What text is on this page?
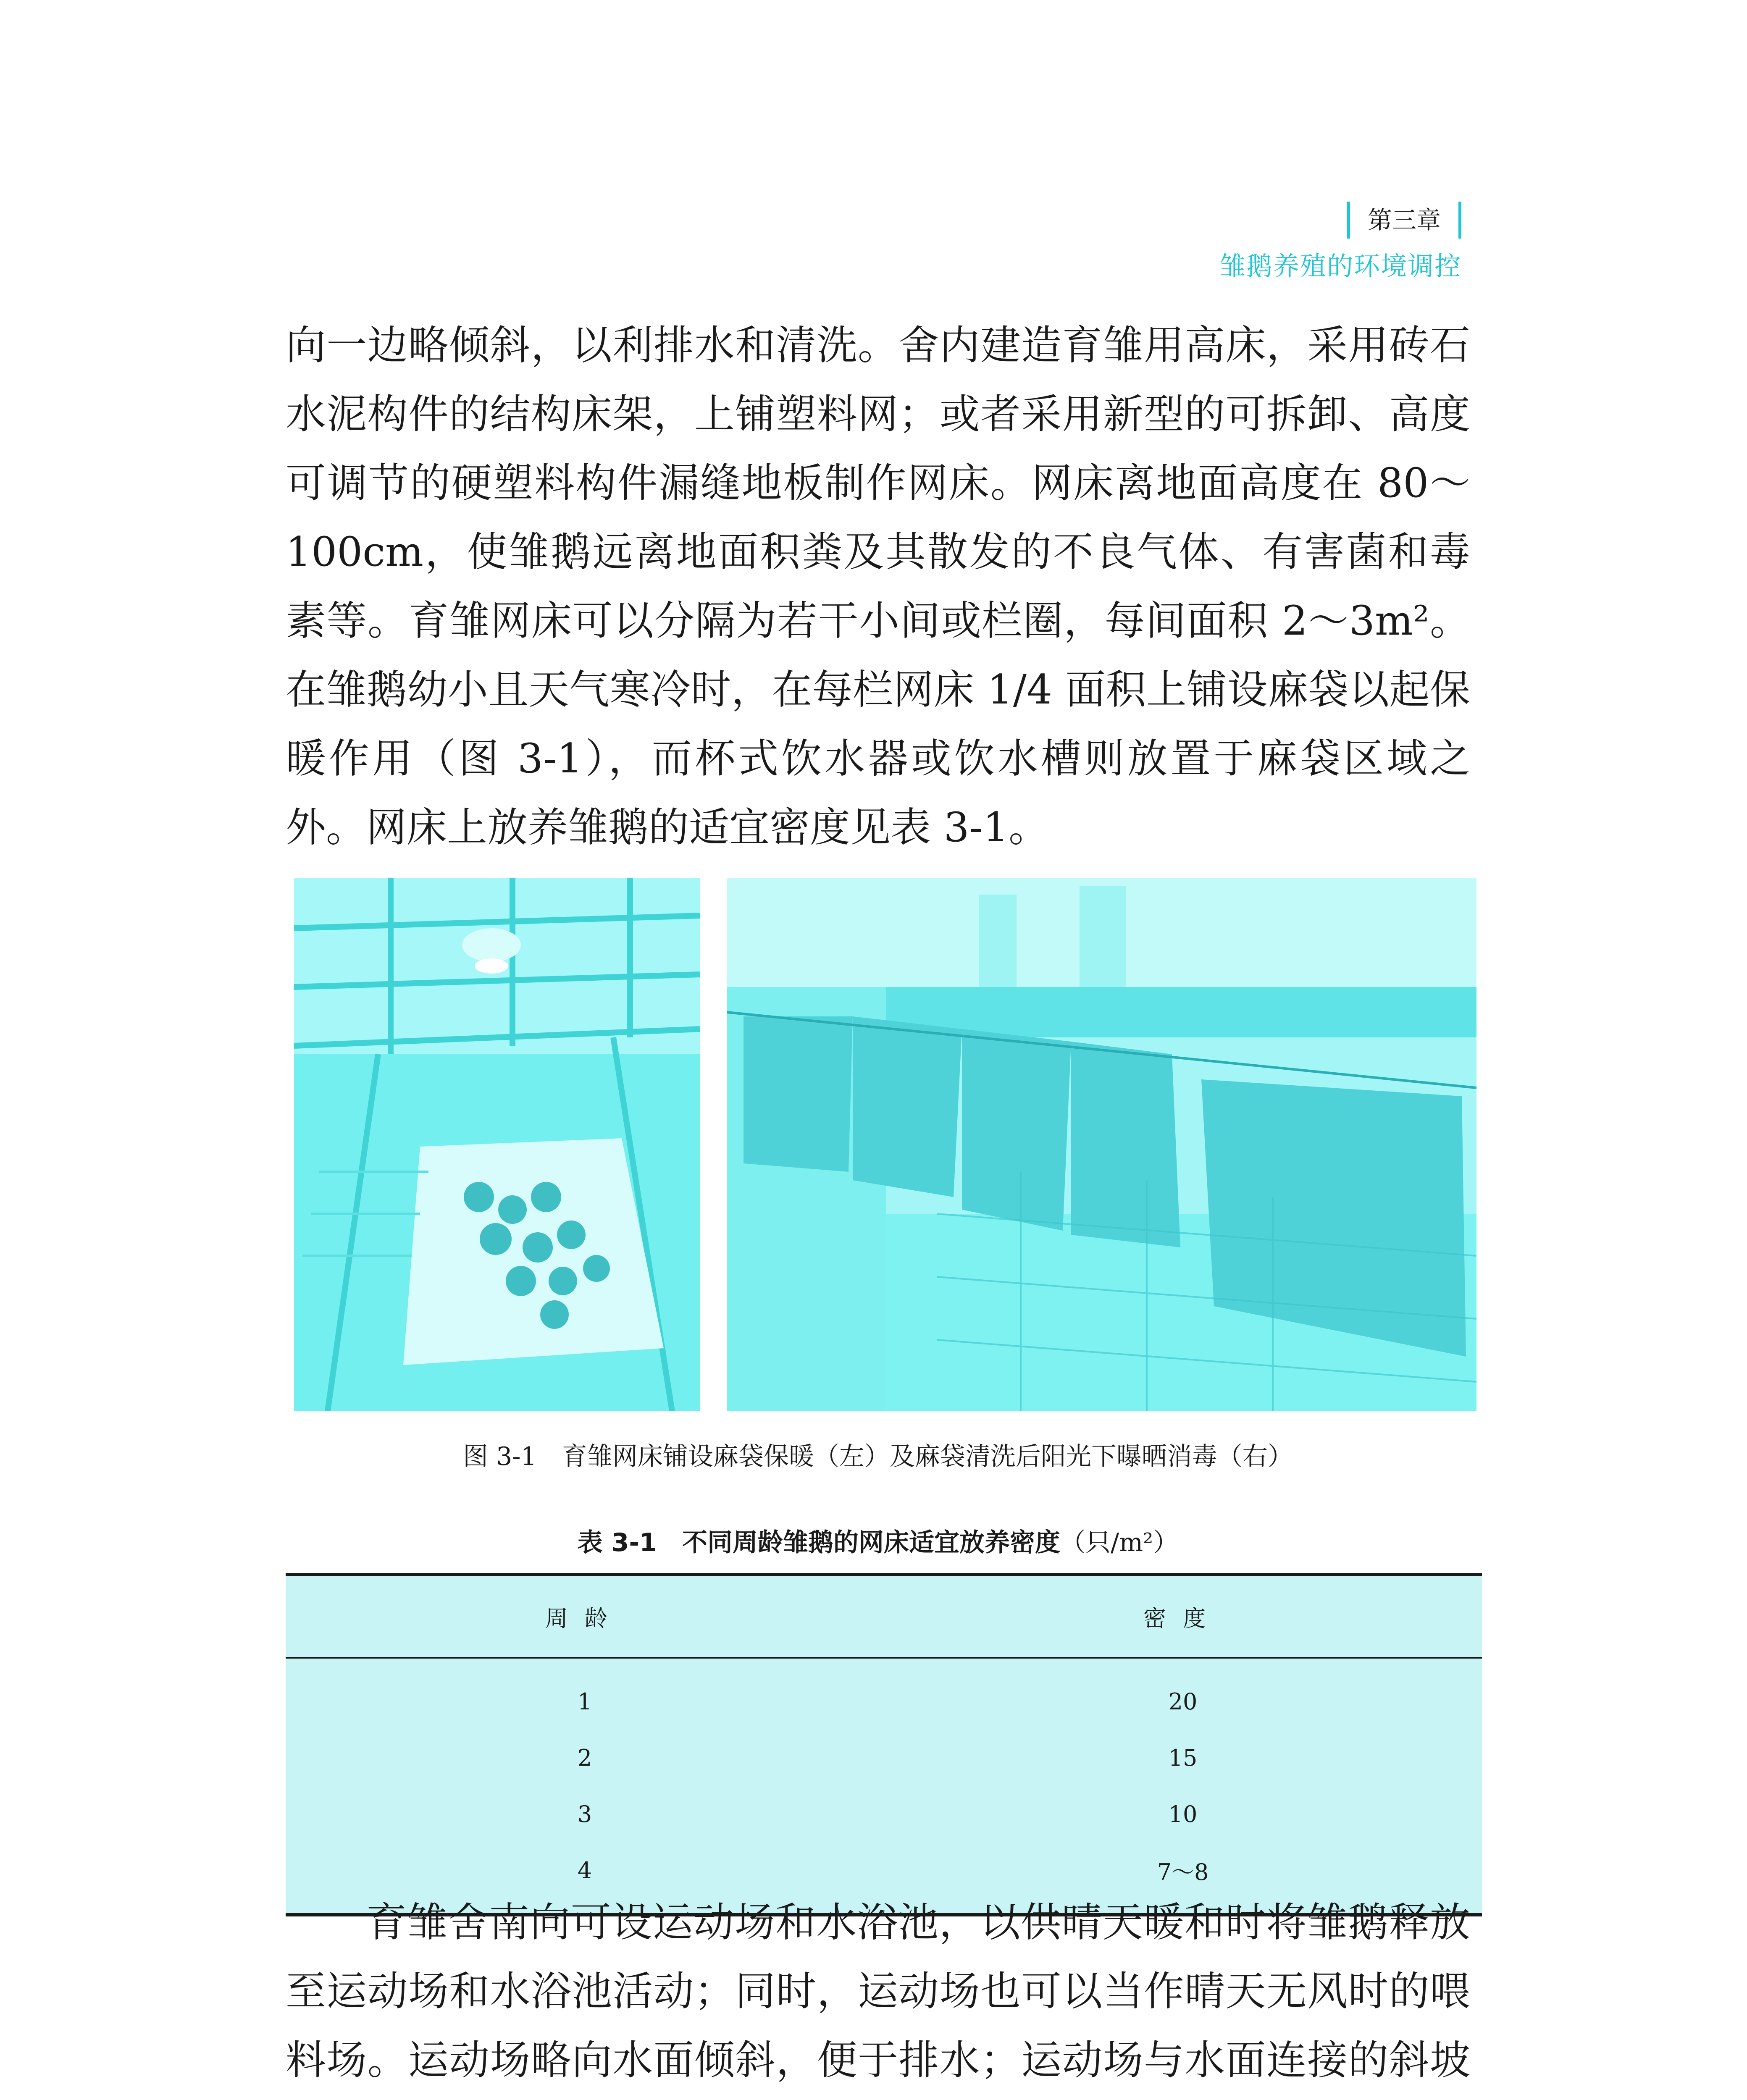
第三章
雏鹅养殖的环境调控

向一边略倾斜，以利排水和清洗。舍内建造育雏用高床，采用砖石水泥构件的结构床架，上铺塑料网；或者采用新型的可拆卸、高度可调节的硬塑料构件漏缝地板制作网床。网床离地面高度在 80～100cm，使雏鹅远离地面积粪及其散发的不良气体、有害菌和毒素等。育雏网床可以分隔为若干小间或栏圈，每间面积 2～3m²。在雏鹅幼小且天气寒冷时，在每栏网床 1/4 面积上铺设麻袋以起保暖作用（图 3-1），而杯式饮水器或饮水槽则放置于麻袋区域之外。网床上放养雏鹅的适宜密度见表 3-1。

图 3-1　育雏网床铺设麻袋保暖（左）及麻袋清洗后阳光下曝晒消毒（右）
表 3-1　不同周龄雏鹅的网床适宜放养密度（只/m²）
周龄	密度
1	20
2	15
3	10
4	7～8

育雏舍南向可设运动场和水浴池，以供晴天暖和时将雏鹅释放至运动场和水浴池活动；同时，运动场也可以当作晴天无风时的喂料场。运动场略向水面倾斜，便于排水；运动场与水面连接的斜坡
